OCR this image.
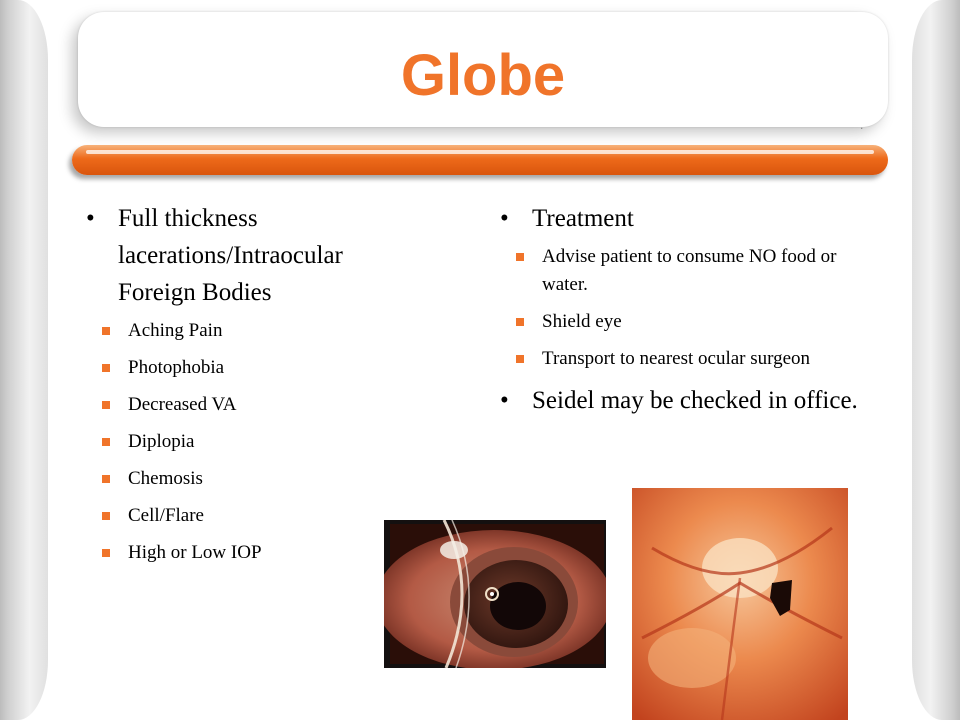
Globe
.
• Full thickness lacerations/Intraocular Foreign Bodies
Aching Pain
Photophobia
Decreased VA
Diplopia
Chemosis
Cell/Flare
High or Low IOP
• Treatment
Advise patient to consume NO food or water.
Shield eye
Transport to nearest ocular surgeon
• Seidel may be checked in office.
